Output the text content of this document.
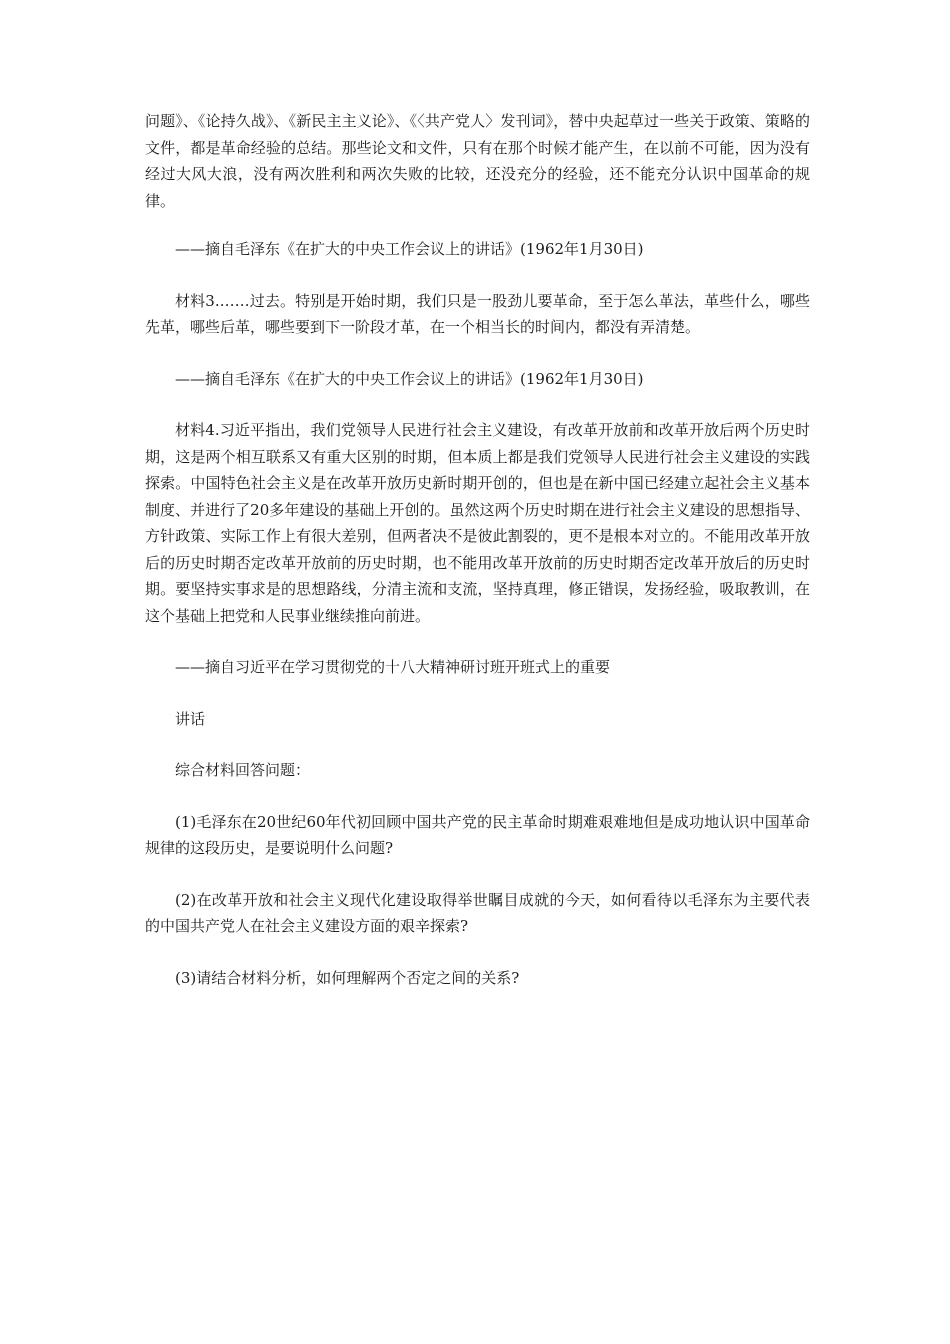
问题》、《论持久战》、《新民主主义论》、《〈共产党人〉发刊词》，替中央起草过一些关于政策、策略的文件，都是革命经验的总结。那些论文和文件，只有在那个时候才能产生，在以前不可能，因为没有经过大风大浪，没有两次胜利和两次失败的比较，还没充分的经验，还不能充分认识中国革命的规律。

——摘自毛泽东《在扩大的中央工作会议上的讲话》(1962年1月30日)

材料3.……过去。特别是开始时期，我们只是一股劲儿要革命，至于怎么革法，革些什么，哪些先革，哪些后革，哪些要到下一阶段才革，在一个相当长的时间内，都没有弄清楚。

——摘自毛泽东《在扩大的中央工作会议上的讲话》(1962年1月30日)

材料4.习近平指出，我们党领导人民进行社会主义建设，有改革开放前和改革开放后两个历史时期，这是两个相互联系又有重大区别的时期，但本质上都是我们党领导人民进行社会主义建设的实践探索。中国特色社会主义是在改革开放历史新时期开创的，但也是在新中国已经建立起社会主义基本制度、并进行了20多年建设的基础上开创的。虽然这两个历史时期在进行社会主义建设的思想指导、方针政策、实际工作上有很大差别，但两者决不是彼此割裂的，更不是根本对立的。不能用改革开放后的历史时期否定改革开放前的历史时期，也不能用改革开放前的历史时期否定改革开放后的历史时期。要坚持实事求是的思想路线，分清主流和支流，坚持真理，修正错误，发扬经验，吸取教训，在这个基础上把党和人民事业继续推向前进。

——摘自习近平在学习贯彻党的十八大精神研讨班开班式上的重要

讲话

综合材料回答问题：

(1)毛泽东在20世纪60年代初回顾中国共产党的民主革命时期难艰难地但是成功地认识中国革命规律的这段历史，是要说明什么问题?

(2)在改革开放和社会主义现代化建设取得举世瞩目成就的今天，如何看待以毛泽东为主要代表的中国共产党人在社会主义建设方面的艰辛探索?

(3)请结合材料分析，如何理解两个否定之间的关系?
